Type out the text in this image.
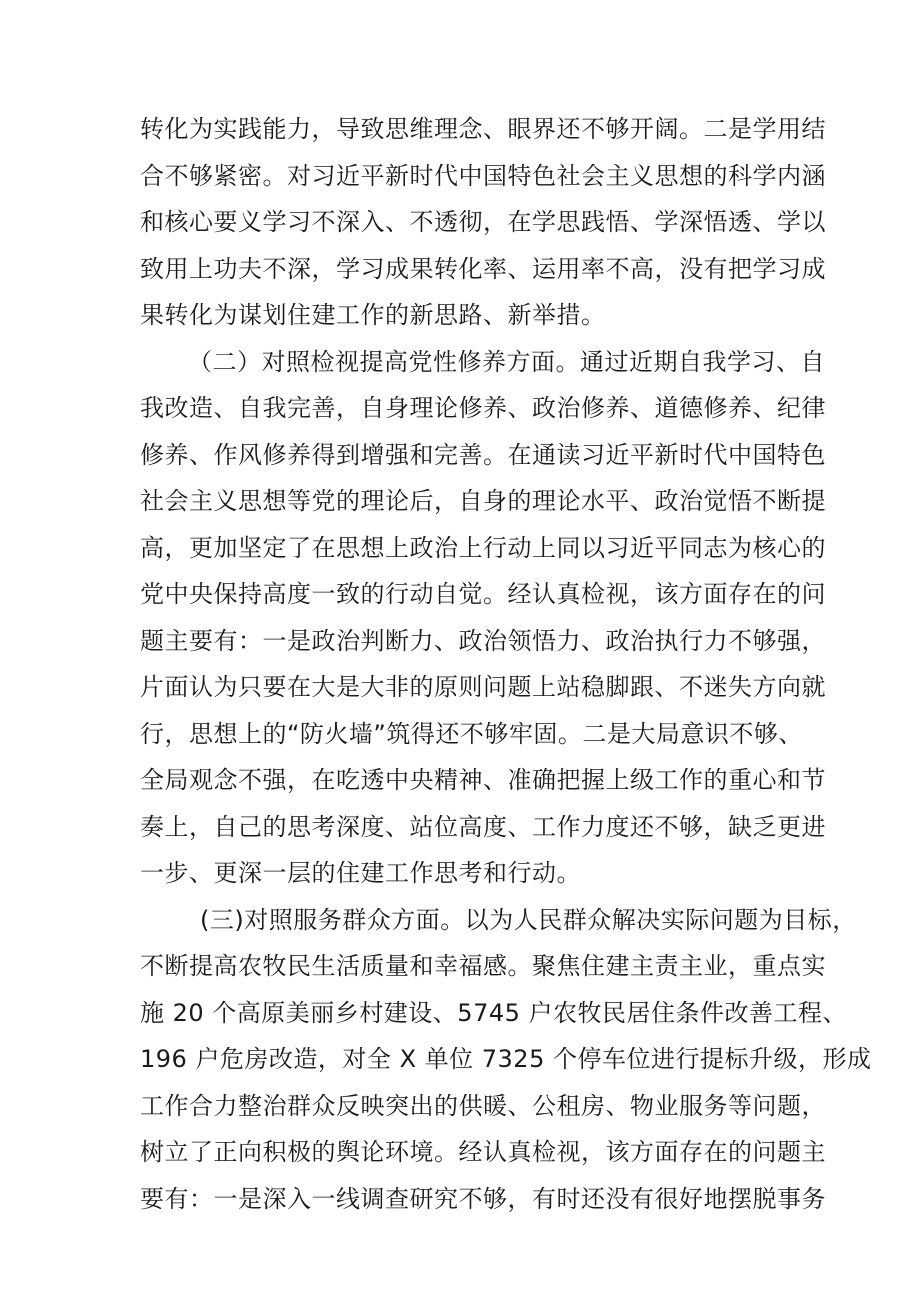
转化为实践能力，导致思维理念、眼界还不够开阔。二是学用结
合不够紧密。对习近平新时代中国特色社会主义思想的科学内涵
和核心要义学习不深入、不透彻，在学思践悟、学深悟透、学以
致用上功夫不深，学习成果转化率、运用率不高，没有把学习成
果转化为谋划住建工作的新思路、新举措。
（二）对照检视提高党性修养方面。通过近期自我学习、自
我改造、自我完善，自身理论修养、政治修养、道德修养、纪律
修养、作风修养得到增强和完善。在通读习近平新时代中国特色
社会主义思想等党的理论后，自身的理论水平、政治觉悟不断提
高，更加坚定了在思想上政治上行动上同以习近平同志为核心的
党中央保持高度一致的行动自觉。经认真检视，该方面存在的问
题主要有：一是政治判断力、政治领悟力、政治执行力不够强，
片面认为只要在大是大非的原则问题上站稳脚跟、不迷失方向就
行，思想上的“防火墙”筑得还不够牢固。二是大局意识不够、
全局观念不强，在吃透中央精神、准确把握上级工作的重心和节
奏上，自己的思考深度、站位高度、工作力度还不够，缺乏更进
一步、更深一层的住建工作思考和行动。
(三)对照服务群众方面。以为人民群众解决实际问题为目标，
不断提高农牧民生活质量和幸福感。聚焦住建主责主业，重点实
施 20 个高原美丽乡村建设、5745 户农牧民居住条件改善工程、
196 户危房改造，对全 X 单位 7325 个停车位进行提标升级，形成
工作合力整治群众反映突出的供暖、公租房、物业服务等问题，
树立了正向积极的舆论环境。经认真检视，该方面存在的问题主
要有：一是深入一线调查研究不够，有时还没有很好地摆脱事务
